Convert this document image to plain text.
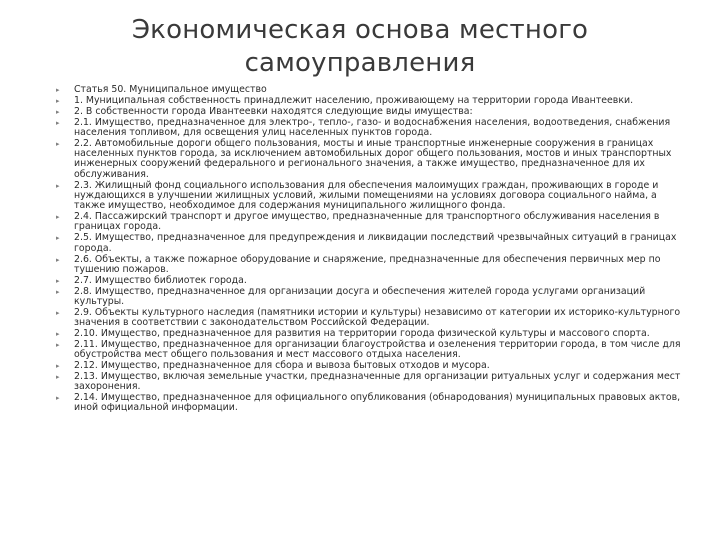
Экономическая основа местного самоуправления
▸ Статья 50. Муниципальное имущество
▸ 1. Муниципальная собственность принадлежит населению, проживающему на территории города Ивантеевки.
▸ 2. В собственности города Ивантеевки находятся следующие виды имущества:
▸ 2.1. Имущество, предназначенное для электро-, тепло-, газо- и водоснабжения населения, водоотведения, снабжения населения топливом, для освещения улиц населенных пунктов города.
▸ 2.2. Автомобильные дороги общего пользования, мосты и иные транспортные инженерные сооружения в границах населенных пунктов города, за исключением автомобильных дорог общего пользования, мостов и иных транспортных инженерных сооружений федерального и регионального значения, а также имущество, предназначенное для их обслуживания.
▸ 2.3. Жилищный фонд социального использования для обеспечения малоимущих граждан, проживающих в городе и нуждающихся в улучшении жилищных условий, жилыми помещениями на условиях договора социального найма, а также имущество, необходимое для содержания муниципального жилищного фонда.
▸ 2.4. Пассажирский транспорт и другое имущество, предназначенные для транспортного обслуживания населения в границах города.
▸ 2.5. Имущество, предназначенное для предупреждения и ликвидации последствий чрезвычайных ситуаций в границах города.
▸ 2.6. Объекты, а также пожарное оборудование и снаряжение, предназначенные для обеспечения первичных мер по тушению пожаров.
▸ 2.7. Имущество библиотек города.
▸ 2.8. Имущество, предназначенное для организации досуга и обеспечения жителей города услугами организаций культуры.
▸ 2.9. Объекты культурного наследия (памятники истории и культуры) независимо от категории их историко-культурного значения в соответствии с законодательством Российской Федерации.
▸ 2.10. Имущество, предназначенное для развития на территории города физической культуры и массового спорта.
▸ 2.11. Имущество, предназначенное для организации благоустройства и озеленения территории города, в том числе для обустройства мест общего пользования и мест массового отдыха населения.
▸ 2.12. Имущество, предназначенное для сбора и вывоза бытовых отходов и мусора.
▸ 2.13. Имущество, включая земельные участки, предназначенные для организации ритуальных услуг и содержания мест захоронения.
▸ 2.14. Имущество, предназначенное для официального опубликования (обнародования) муниципальных правовых актов, иной официальной информации.
